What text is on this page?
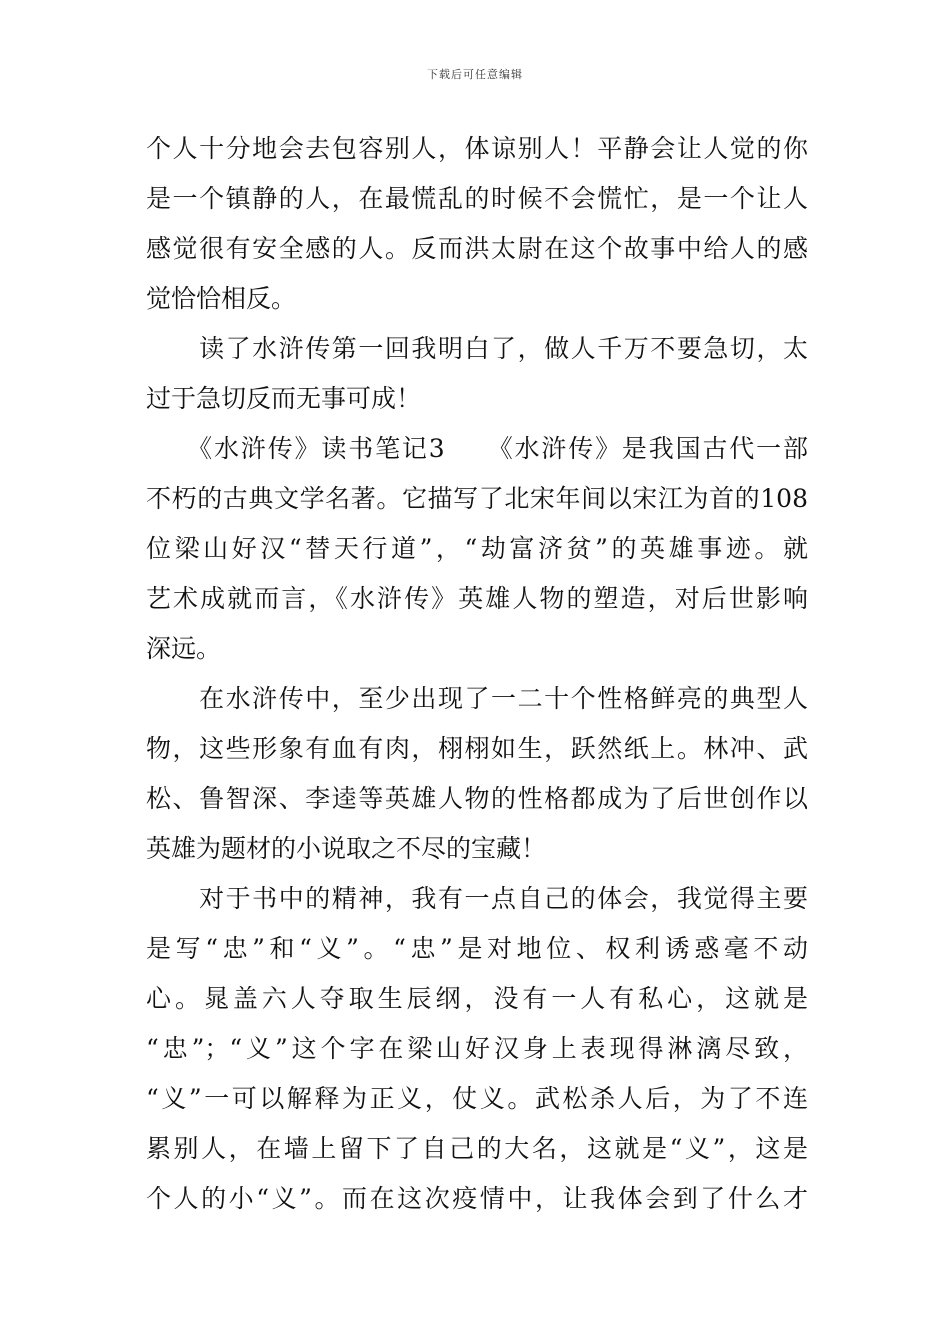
下载后可任意编辑
个人十分地会去包容别人，体谅别人！平静会让人觉的你
是一个镇静的人，在最慌乱的时候不会慌忙，是一个让人
感觉很有安全感的人。反而洪太尉在这个故事中给人的感
觉恰恰相反。
　　读了水浒传第一回我明白了，做人千万不要急切，太
过于急切反而无事可成！
　　《水浒传》读书笔记3　　《水浒传》是我国古代一部
不朽的古典文学名著。它描写了北宋年间以宋江为首的108
位梁山好汉“替天行道”，“劫富济贫”的英雄事迹。就
艺术成就而言，《水浒传》英雄人物的塑造，对后世影响
深远。
　　在水浒传中，至少出现了一二十个性格鲜亮的典型人
物，这些形象有血有肉，栩栩如生，跃然纸上。林冲、武
松、鲁智深、李逵等英雄人物的性格都成为了后世创作以
英雄为题材的小说取之不尽的宝藏！
　　对于书中的精神，我有一点自己的体会，我觉得主要
是写“忠”和“义”。“忠”是对地位、权利诱惑毫不动
心。晁盖六人夺取生辰纲，没有一人有私心，这就是
“忠”；“义”这个字在梁山好汉身上表现得淋漓尽致，
“义”一可以解释为正义，仗义。武松杀人后，为了不连
累别人，在墙上留下了自己的大名，这就是“义”，这是
个人的小“义”。而在这次疫情中，让我体会到了什么才
